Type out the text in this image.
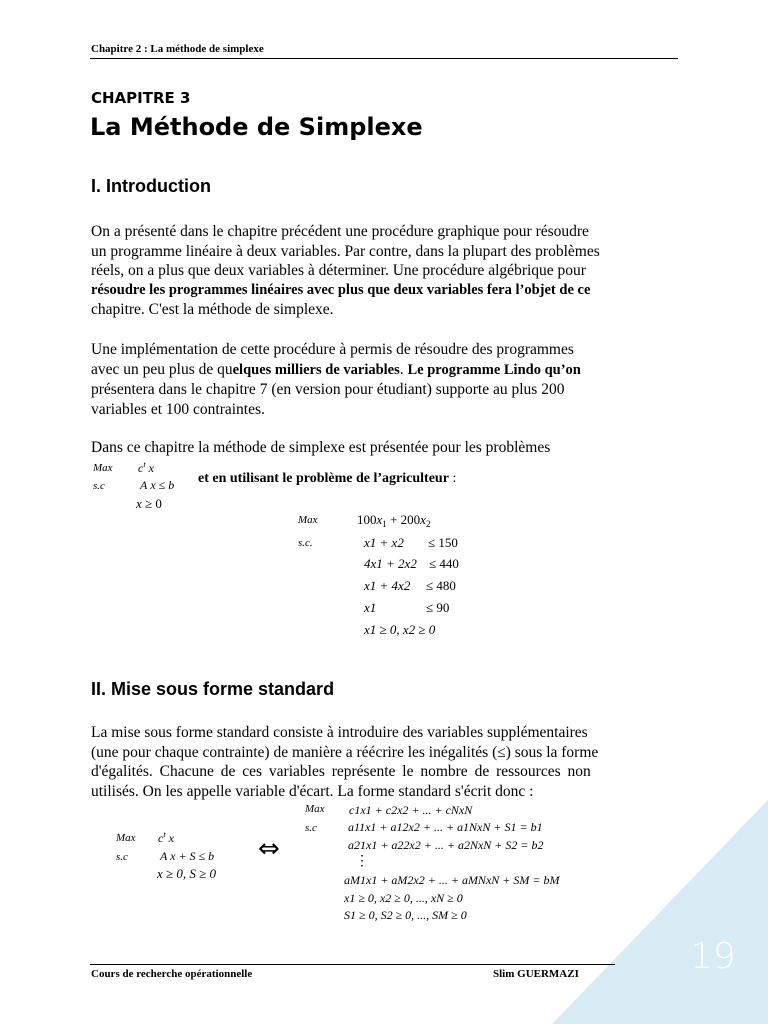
19
Chapitre 2 : La méthode de simplexe
CHAPITRE 3
La Méthode de Simplexe
I. Introduction
On a présenté dans le chapitre précédent une procédure graphique pour résoudre
un programme linéaire à deux variables. Par contre, dans la plupart des problèmes
réels, on a plus que deux variables à déterminer. Une procédure algébrique pour
résoudre les programmes linéaires avec plus que deux variables fera l’objet de ce
chapitre. C'est la méthode de simplexe.
Une implémentation de cette procédure à permis de résoudre des programmes
avec un peu plus de quelques milliers de variables. Le programme Lindo qu’on
présentera dans le chapitre 7 (en version pour étudiant) supporte au plus 200
variables et 100 contraintes.
Dans ce chapitre la méthode de simplexe est présentée pour les problèmes
Max $c^t$ x
s.c	A x ≤ b
x ≥ 0
et en utilisant le problème de l’agriculteur :
Max	$100x_1 + 200x_2$
s.c.	x1 + x2 ≤ 150
4x1 + 2x2 ≤ 440
x1 + 4x2 ≤ 480
x1	≤ 90
x1 ≥ 0, x2 ≥ 0
II. Mise sous forme standard
La mise sous forme standard consiste à introduire des variables supplémentaires
(une pour chaque contrainte) de manière a réécrire les inégalités (≤) sous la forme
d'égalités. Chacune de ces variables représente le nombre de ressources non
utilisés. On les appelle variable d'écart. La forme standard s'écrit donc :
Max $c^t$ x
s.c	A x + S ≤ b
x ≥ 0, S ≥ 0
⇔
Max c1x1 + c2x2 + ... + cNxN
s.c	a11x1 + a12x2 + ... + a1NxN + S1 = b1
a21x1 + a22x2 + ... + a2NxN + S2 = b2
⋮
aM1x1 + aM2x2 + ... + aMNxN + SM = bM
x1 ≥ 0, x2 ≥ 0, ..., xN ≥ 0
S1 ≥ 0, S2 ≥ 0, ..., SM ≥ 0
Cours de recherche opérationnelle	Slim GUERMAZI
